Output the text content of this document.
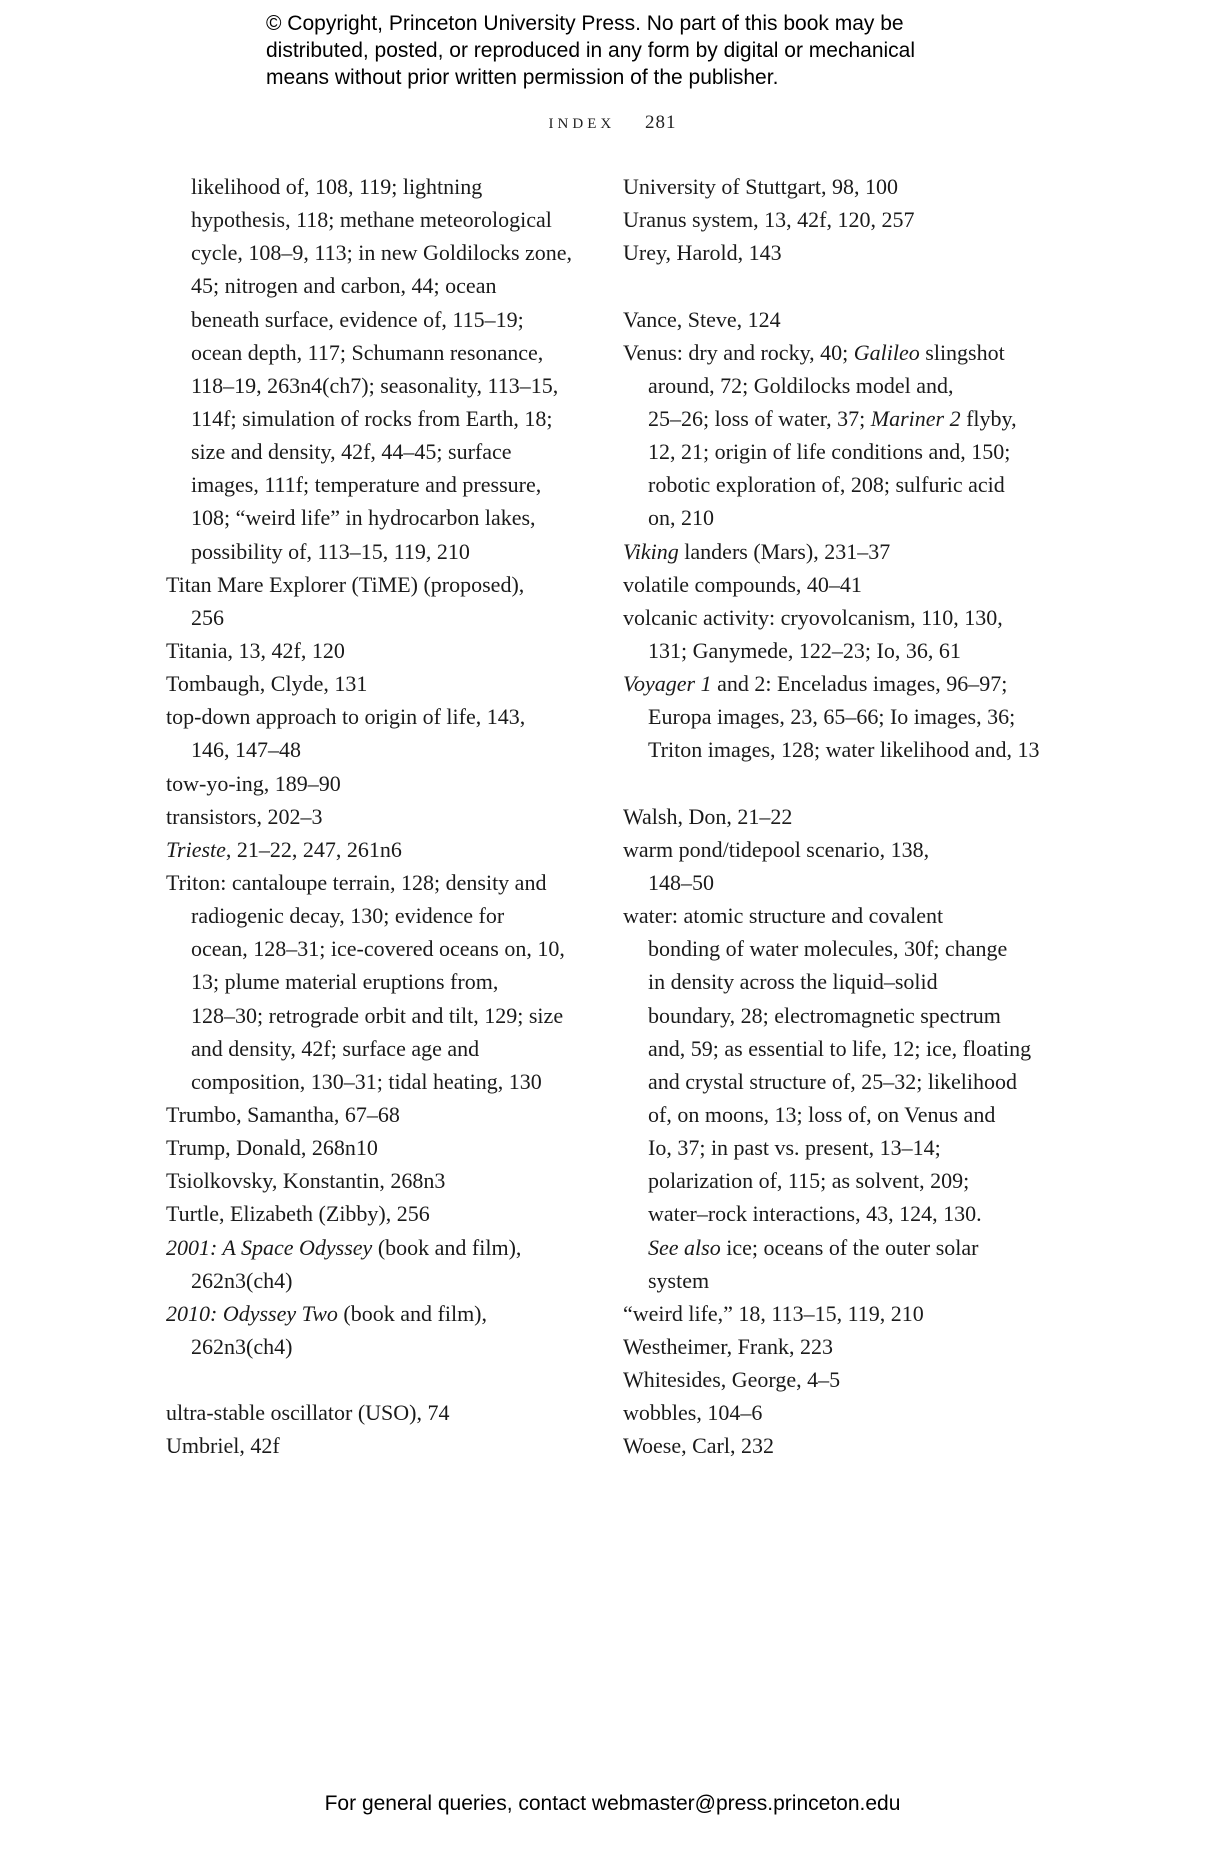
© Copyright, Princeton University Press. No part of this book may be
distributed, posted, or reproduced in any form by digital or mechanical
means without prior written permission of the publisher.
INDEX 281
likelihood of, 108, 119; lightning
hypothesis, 118; methane meteorological
cycle, 108–9, 113; in new Goldilocks zone,
45; nitrogen and carbon, 44; ocean
beneath surface, evidence of, 115–19;
ocean depth, 117; Schumann resonance,
118–19, 263n4(ch7); seasonality, 113–15,
114f; simulation of rocks from Earth, 18;
size and density, 42f, 44–45; surface
images, 111f; temperature and pressure,
108; “weird life” in hydrocarbon lakes,
possibility of, 113–15, 119, 210
Titan Mare Explorer (TiME) (proposed),
256
Titania, 13, 42f, 120
Tombaugh, Clyde, 131
top-down approach to origin of life, 143,
146, 147–48
tow-yo-ing, 189–90
transistors, 202–3
Trieste, 21–22, 247, 261n6
Triton: cantaloupe terrain, 128; density and
radiogenic decay, 130; evidence for
ocean, 128–31; ice-covered oceans on, 10,
13; plume material eruptions from,
128–30; retrograde orbit and tilt, 129; size
and density, 42f; surface age and
composition, 130–31; tidal heating, 130
Trumbo, Samantha, 67–68
Trump, Donald, 268n10
Tsiolkovsky, Konstantin, 268n3
Turtle, Elizabeth (Zibby), 256
2001: A Space Odyssey (book and film),
262n3(ch4)
2010: Odyssey Two (book and film),
262n3(ch4)
ultra-stable oscillator (USO), 74
Umbriel, 42f
University of Stuttgart, 98, 100
Uranus system, 13, 42f, 120, 257
Urey, Harold, 143
Vance, Steve, 124
Venus: dry and rocky, 40; Galileo slingshot
around, 72; Goldilocks model and,
25–26; loss of water, 37; Mariner 2 flyby,
12, 21; origin of life conditions and, 150;
robotic exploration of, 208; sulfuric acid
on, 210
Viking landers (Mars), 231–37
volatile compounds, 40–41
volcanic activity: cryovolcanism, 110, 130,
131; Ganymede, 122–23; Io, 36, 61
Voyager 1 and 2: Enceladus images, 96–97;
Europa images, 23, 65–66; Io images, 36;
Triton images, 128; water likelihood and, 13
Walsh, Don, 21–22
warm pond/tidepool scenario, 138,
148–50
water: atomic structure and covalent
bonding of water molecules, 30f; change
in density across the liquid–solid
boundary, 28; electromagnetic spectrum
and, 59; as essential to life, 12; ice, floating
and crystal structure of, 25–32; likelihood
of, on moons, 13; loss of, on Venus and
Io, 37; in past vs. present, 13–14;
polarization of, 115; as solvent, 209;
water–rock interactions, 43, 124, 130.
See also ice; oceans of the outer solar
system
“weird life,” 18, 113–15, 119, 210
Westheimer, Frank, 223
Whitesides, George, 4–5
wobbles, 104–6
Woese, Carl, 232
For general queries, contact webmaster@press.princeton.edu
